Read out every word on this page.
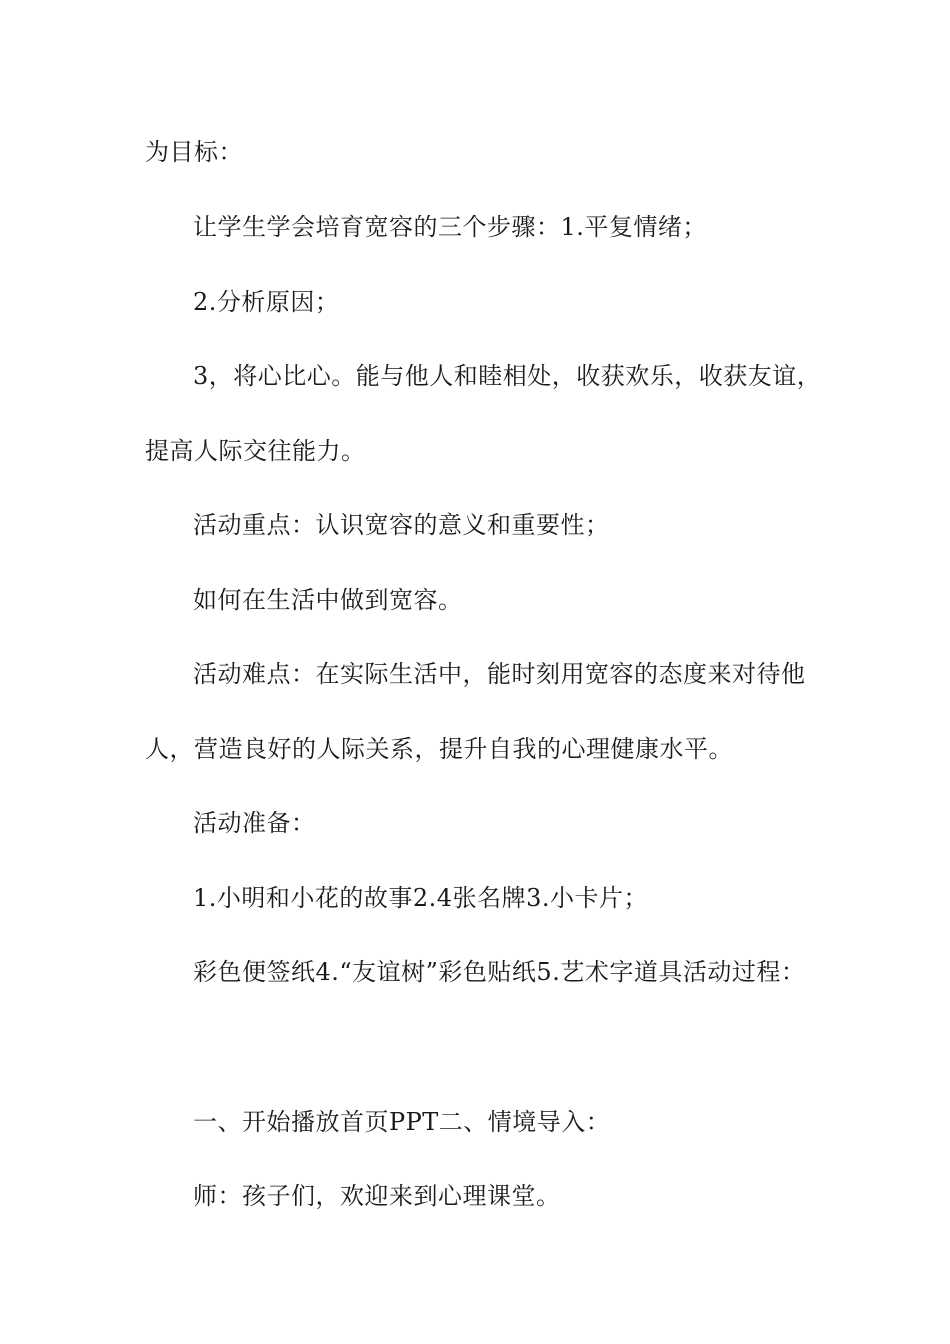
为目标：
让学生学会培育宽容的三个步骤：1.平复情绪；
2.分析原因；
3，将心比心。能与他人和睦相处，收获欢乐，收获友谊，
提高人际交往能力。
活动重点：认识宽容的意义和重要性；
如何在生活中做到宽容。
活动难点：在实际生活中，能时刻用宽容的态度来对待他
人，营造良好的人际关系，提升自我的心理健康水平。
活动准备：
1.小明和小花的故事2.4张名牌3.小卡片；
彩色便签纸4.“友谊树”彩色贴纸5.艺术字道具活动过程：
一、开始播放首页PPT二、情境导入：
师：孩子们，欢迎来到心理课堂。
